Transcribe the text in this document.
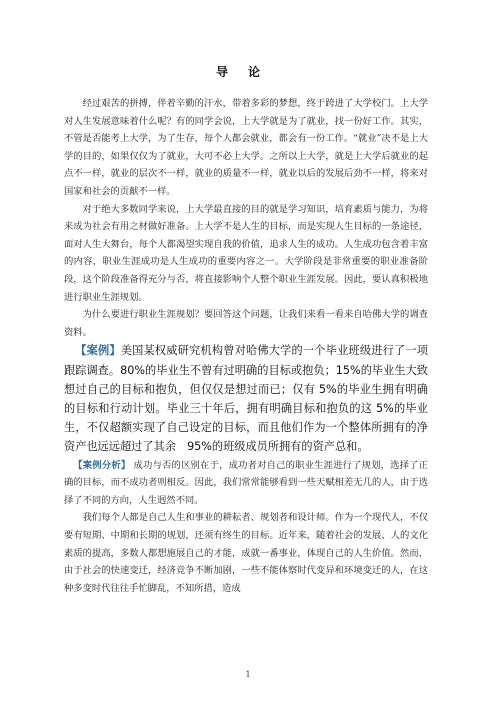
导论

经过艰苦的拼搏，伴着辛勤的汗水，带着多彩的梦想，终于跨进了大学校门。上大学对人生发展意味着什么呢？有的同学会说，上大学就是为了就业，找一份好工作。其实，不管是否能考上大学，为了生存，每个人都会就业，都会有一份工作。“就业”决不是上大学的目的，如果仅仅为了就业，大可不必上大学。之所以上大学，就是上大学后就业的起点不一样，就业的层次不一样，就业的质量不一样，就业以后的发展后劲不一样，将来对国家和社会的贡献不一样。

对于绝大多数同学来说，上大学最直接的目的就是学习知识，培育素质与能力，为将来成为社会有用之材做好准备。上大学不是人生的目标，而是实现人生目标的一条途径，面对人生大舞台，每个人都渴望实现自我的价值，追求人生的成功。人生成功包含着丰富的内容，职业生涯成功是人生成功的重要内容之一。大学阶段是非常重要的职业准备阶段，这个阶段准备得充分与否，将直接影响个人整个职业生涯发展。因此，要认真积极地进行职业生涯规划。

为什么要进行职业生涯规划？要回答这个问题，让我们来看一看来自哈佛大学的调查资料。

【案例】美国某权威研究机构曾对哈佛大学的一个毕业班级进行了一项跟踪调查。80%的毕业生不曾有过明确的目标或抱负；15%的毕业生大致想过自己的目标和抱负，但仅仅是想过而已；仅有 5%的毕业生拥有明确的目标和行动计划。毕业三十年后，拥有明确目标和抱负的这 5%的毕业生，不仅超额实现了自己设定的目标，而且他们作为一个整体所拥有的净资产也远远超过了其余　95%的班级成员所拥有的资产总和。

【案例分析】 成功与否的区别在于，成功者对自己的职业生涯进行了规划，选择了正确的目标，而不成功者则相反。因此，我们常常能够看到一些天赋相差无几的人，由于选择了不同的方向，人生迥然不同。

我们每个人都是自己人生和事业的耕耘者、规划者和设计师。作为一个现代人，不仅要有短期、中期和长期的规划，还须有终生的目标。近年来，随着社会的发展、人的文化素质的提高，多数人都想施展自己的才能，成就一番事业，体现自己的人生价值。然而，由于社会的快速变迁，经济竞争不断加剧，一些不能体察时代变异和环境变迁的人，在这种多变时代往往手忙脚乱，不知所措，造成

1
